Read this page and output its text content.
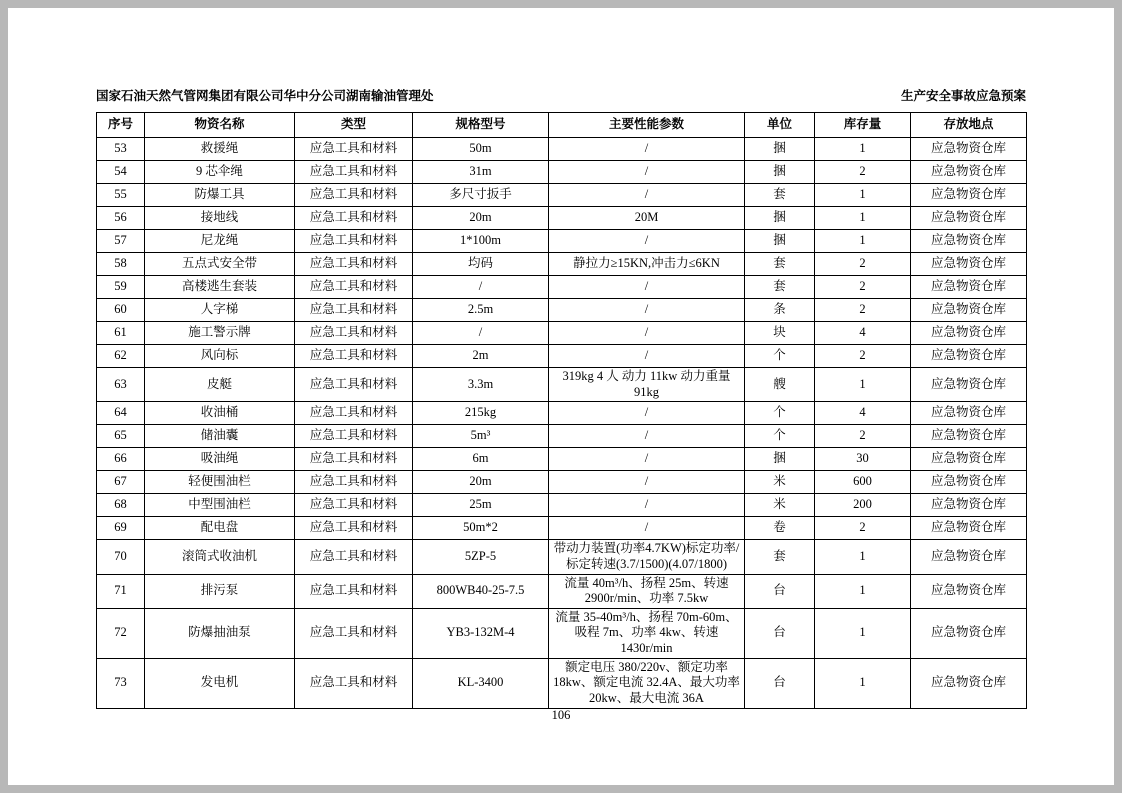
国家石油天然气管网集团有限公司华中分公司湖南输油管理处	生产安全事故应急预案
序号	物资名称	类型	规格型号	主要性能参数	单位	库存量	存放地点
53	救援绳	应急工具和材料	50m	/	捆	1	应急物资仓库
54	9 芯伞绳	应急工具和材料	31m	/	捆	2	应急物资仓库
55	防爆工具	应急工具和材料	多尺寸扳手	/	套	1	应急物资仓库
56	接地线	应急工具和材料	20m	20M	捆	1	应急物资仓库
57	尼龙绳	应急工具和材料	1*100m	/	捆	1	应急物资仓库
58	五点式安全带	应急工具和材料	均码	静拉力≥15KN,冲击力≤6KN	套	2	应急物资仓库
59	高楼逃生套装	应急工具和材料	/	/	套	2	应急物资仓库
60	人字梯	应急工具和材料	2.5m	/	条	2	应急物资仓库
61	施工警示牌	应急工具和材料	/	/	块	4	应急物资仓库
62	风向标	应急工具和材料	2m	/	个	2	应急物资仓库
63	皮艇	应急工具和材料	3.3m	319kg 4 人 动力 11kw 动力重量 91kg	艘	1	应急物资仓库
64	收油桶	应急工具和材料	215kg	/	个	4	应急物资仓库
65	储油囊	应急工具和材料	5m³	/	个	2	应急物资仓库
66	吸油绳	应急工具和材料	6m	/	捆	30	应急物资仓库
67	轻便围油栏	应急工具和材料	20m	/	米	600	应急物资仓库
68	中型围油栏	应急工具和材料	25m	/	米	200	应急物资仓库
69	配电盘	应急工具和材料	50m*2	/	卷	2	应急物资仓库
70	滚筒式收油机	应急工具和材料	5ZP-5	带动力装置(功率4.7KW)标定功率/标定转速(3.7/1500)(4.07/1800)	套	1	应急物资仓库
71	排污泵	应急工具和材料	800WB40-25-7.5	流量 40m³/h、扬程 25m、转速 2900r/min、功率 7.5kw	台	1	应急物资仓库
72	防爆抽油泵	应急工具和材料	YB3-132M-4	流量 35-40m³/h、扬程 70m-60m、吸程 7m、功率 4kw、转速 1430r/min	台	1	应急物资仓库
73	发电机	应急工具和材料	KL-3400	额定电压 380/220v、额定功率 18kw、额定电流 32.4A、最大功率 20kw、最大电流 36A	台	1	应急物资仓库
106
